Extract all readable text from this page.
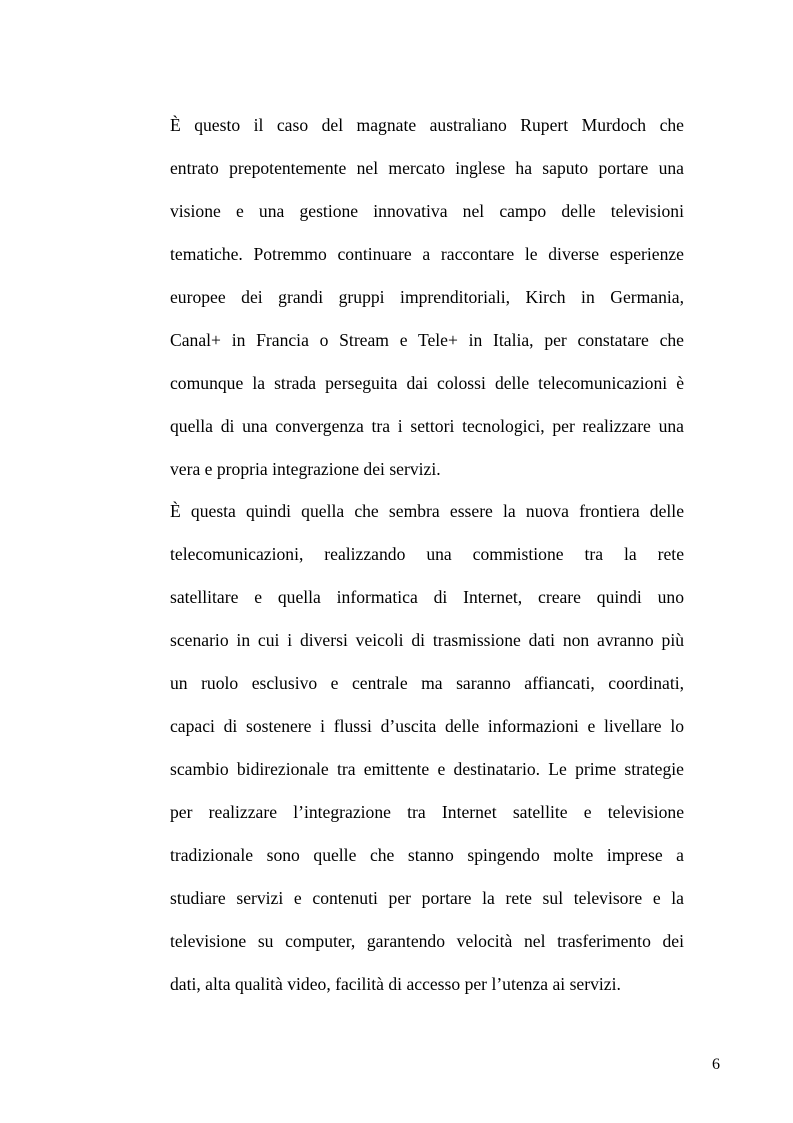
È questo il caso del magnate australiano Rupert Murdoch che
entrato prepotentemente nel mercato inglese ha saputo portare una
visione e una gestione innovativa nel campo delle televisioni
tematiche. Potremmo continuare a raccontare le diverse esperienze
europee dei grandi gruppi imprenditoriali, Kirch in Germania,
Canal+ in Francia o Stream e Tele+ in Italia, per constatare che
comunque la strada perseguita dai colossi delle telecomunicazioni è
quella di una convergenza tra i settori tecnologici, per realizzare una
vera e propria integrazione dei servizi.
È questa quindi quella che sembra essere la nuova frontiera delle
telecomunicazioni, realizzando una commistione tra la rete
satellitare e quella informatica di Internet, creare quindi uno
scenario in cui i diversi veicoli di trasmissione dati non avranno più
un ruolo esclusivo e centrale ma saranno affiancati, coordinati,
capaci di sostenere i flussi d’uscita delle informazioni e livellare lo
scambio bidirezionale tra emittente e destinatario. Le prime strategie
per realizzare l’integrazione tra Internet satellite e televisione
tradizionale sono quelle che stanno spingendo molte imprese a
studiare servizi e contenuti per portare la rete sul televisore e la
televisione su computer, garantendo velocità nel trasferimento dei
dati, alta qualità video, facilità di accesso per l’utenza ai servizi.
6
